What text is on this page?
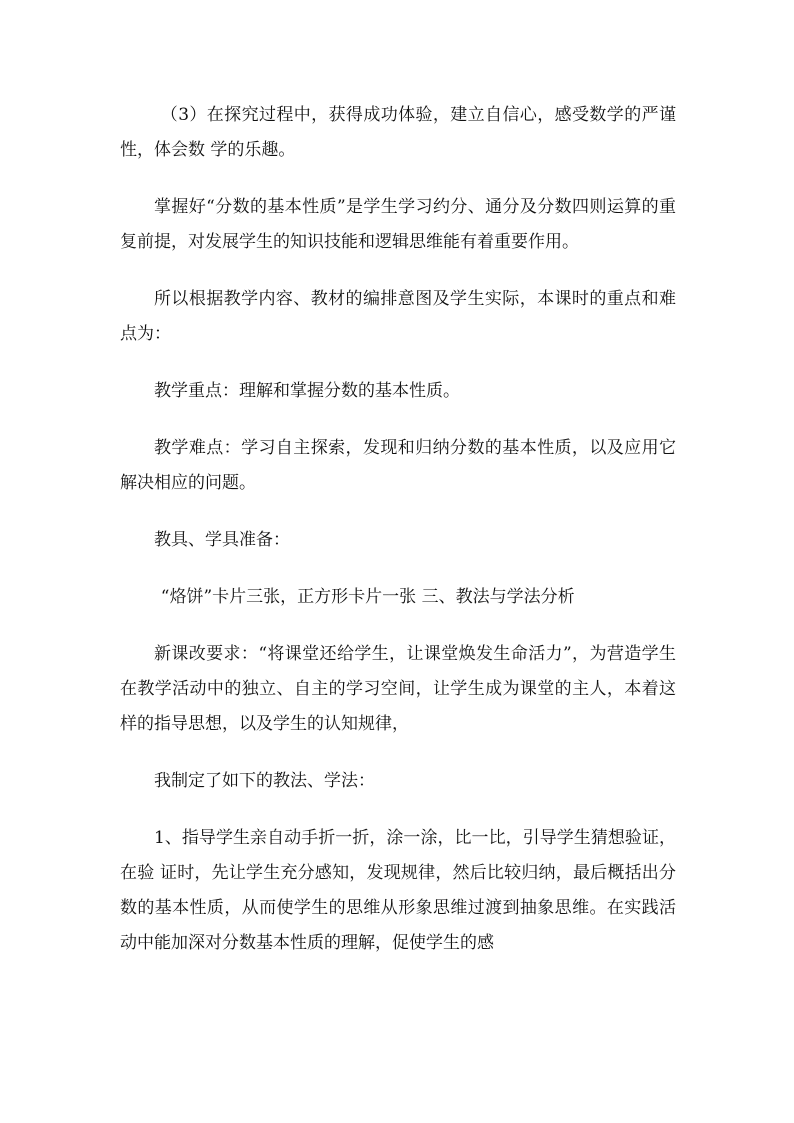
（3）在探究过程中，获得成功体验，建立自信心，感受数学的严谨性，体会数 学的乐趣。

掌握好“分数的基本性质”是学生学习约分、通分及分数四则运算的重复前提，对发展学生的知识技能和逻辑思维能有着重要作用。

所以根据教学内容、教材的编排意图及学生实际，本课时的重点和难点为：

教学重点：理解和掌握分数的基本性质。

教学难点：学习自主探索，发现和归纳分数的基本性质，以及应用它解决相应的问题。

教具、学具准备：

“烙饼”卡片三张，正方形卡片一张 三、教法与学法分析

新课改要求：“将课堂还给学生，让课堂焕发生命活力”，为营造学生在教学活动中的独立、自主的学习空间，让学生成为课堂的主人，本着这样的指导思想，以及学生的认知规律，

我制定了如下的教法、学法：

1、指导学生亲自动手折一折，涂一涂，比一比，引导学生猜想验证，在验 证时，先让学生充分感知，发现规律，然后比较归纳，最后概括出分数的基本性质，从而使学生的思维从形象思维过渡到抽象思维。在实践活动中能加深对分数基本性质的理解，促使学生的感
